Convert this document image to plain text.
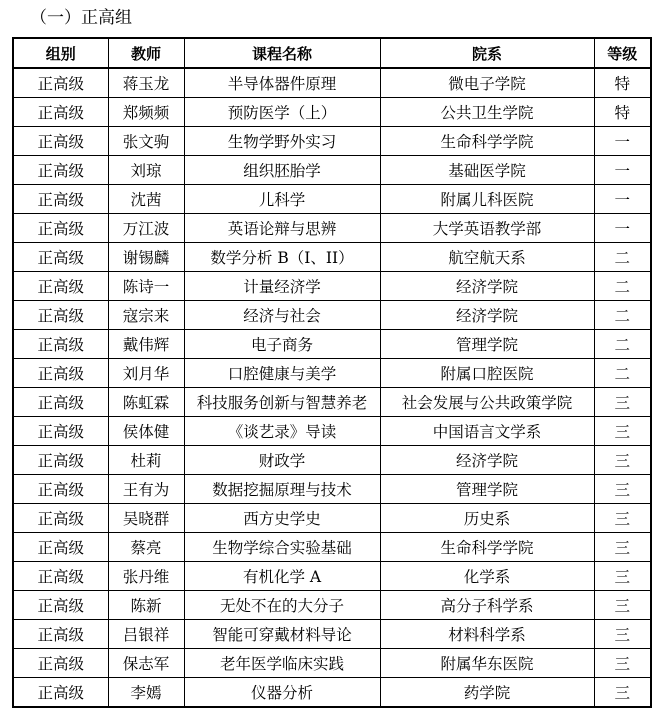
（一）正高组
组别	教师	课程名称	院系	等级
正高级	蒋玉龙	半导体器件原理	微电子学院	特
正高级	郑频频	预防医学（上）	公共卫生学院	特
正高级	张文驹	生物学野外实习	生命科学学院	一
正高级	刘琼	组织胚胎学	基础医学院	一
正高级	沈茜	儿科学	附属儿科医院	一
正高级	万江波	英语论辩与思辨	大学英语教学部	一
正高级	谢锡麟	数学分析 B（I、II）	航空航天系	二
正高级	陈诗一	计量经济学	经济学院	二
正高级	寇宗来	经济与社会	经济学院	二
正高级	戴伟辉	电子商务	管理学院	二
正高级	刘月华	口腔健康与美学	附属口腔医院	二
正高级	陈虹霖	科技服务创新与智慧养老	社会发展与公共政策学院	三
正高级	侯体健	《谈艺录》导读	中国语言文学系	三
正高级	杜莉	财政学	经济学院	三
正高级	王有为	数据挖掘原理与技术	管理学院	三
正高级	吴晓群	西方史学史	历史系	三
正高级	蔡亮	生物学综合实验基础	生命科学学院	三
正高级	张丹维	有机化学 A	化学系	三
正高级	陈新	无处不在的大分子	高分子科学系	三
正高级	吕银祥	智能可穿戴材料导论	材料科学系	三
正高级	保志军	老年医学临床实践	附属华东医院	三
正高级	李嫣	仪器分析	药学院	三
